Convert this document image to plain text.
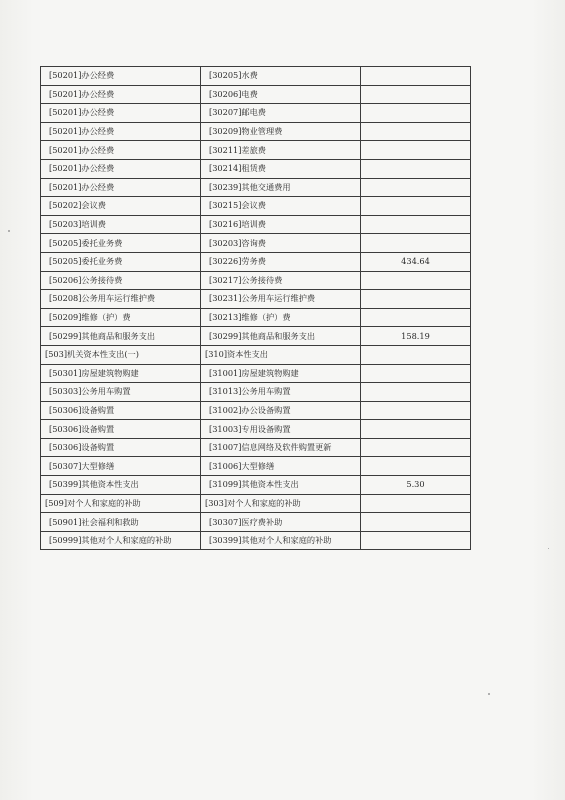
[50201]办公经费	[30205]水费	
[50201]办公经费	[30206]电费	
[50201]办公经费	[30207]邮电费	
[50201]办公经费	[30209]物业管理费	
[50201]办公经费	[30211]差旅费	
[50201]办公经费	[30214]租赁费	
[50201]办公经费	[30239]其他交通费用	
[50202]会议费	[30215]会议费	
[50203]培训费	[30216]培训费	
[50205]委托业务费	[30203]咨询费	
[50205]委托业务费	[30226]劳务费	434.64
[50206]公务接待费	[30217]公务接待费	
[50208]公务用车运行维护费	[30231]公务用车运行维护费	
[50209]维修（护）费	[30213]维修（护）费	
[50299]其他商品和服务支出	[30299]其他商品和服务支出	158.19
[503]机关资本性支出(一)	[310]资本性支出	
[50301]房屋建筑物购建	[31001]房屋建筑物购建	
[50303]公务用车购置	[31013]公务用车购置	
[50306]设备购置	[31002]办公设备购置	
[50306]设备购置	[31003]专用设备购置	
[50306]设备购置	[31007]信息网络及软件购置更新	
[50307]大型修缮	[31006]大型修缮	
[50399]其他资本性支出	[31099]其他资本性支出	5.30
[509]对个人和家庭的补助	[303]对个人和家庭的补助	
[50901]社会福利和救助	[30307]医疗费补助	
[50999]其他对个人和家庭的补助	[30399]其他对个人和家庭的补助	
